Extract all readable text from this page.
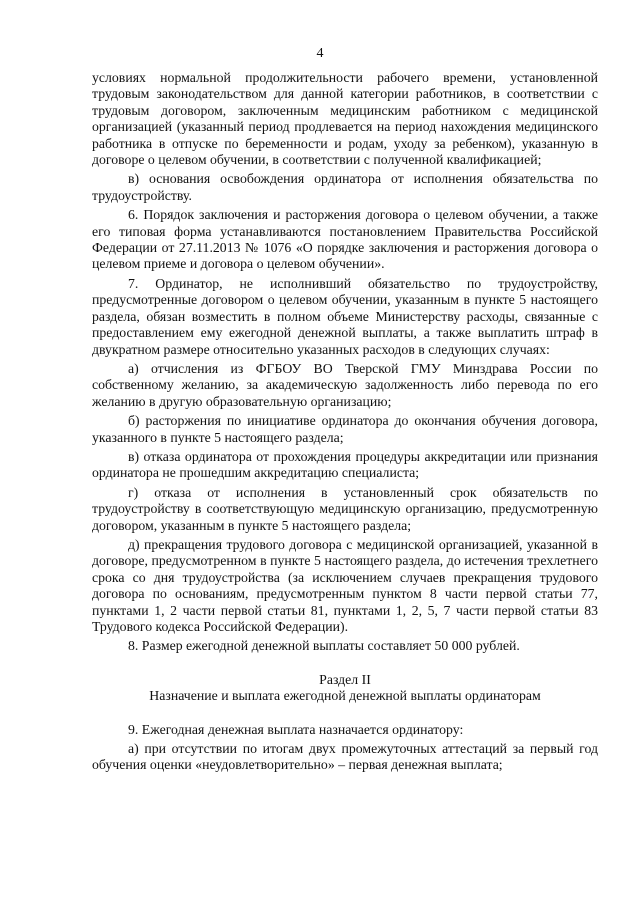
4

условиях нормальной продолжительности рабочего времени, установленной трудовым законодательством для данной категории работников, в соответствии с трудовым договором, заключенным медицинским работником с медицинской организацией (указанный период продлевается на период нахождения медицинского работника в отпуске по беременности и родам, уходу за ребенком), указанную в договоре о целевом обучении, в соответствии с полученной квалификацией;

в) основания освобождения ординатора от исполнения обязательства по трудоустройству.

6. Порядок заключения и расторжения договора о целевом обучении, а также его типовая форма устанавливаются постановлением Правительства Российской Федерации от 27.11.2013 № 1076 «О порядке заключения и расторжения договора о целевом приеме и договора о целевом обучении».

7. Ординатор, не исполнивший обязательство по трудоустройству, предусмотренные договором о целевом обучении, указанным в пункте 5 настоящего раздела, обязан возместить в полном объеме Министерству расходы, связанные с предоставлением ему ежегодной денежной выплаты, а также выплатить штраф в двукратном размере относительно указанных расходов в следующих случаях:

а) отчисления из ФГБОУ ВО Тверской ГМУ Минздрава России по собственному желанию, за академическую задолженность либо перевода по его желанию в другую образовательную организацию;

б) расторжения по инициативе ординатора до окончания обучения договора, указанного в пункте 5 настоящего раздела;

в) отказа ординатора от прохождения процедуры аккредитации или признания ординатора не прошедшим аккредитацию специалиста;

г) отказа от исполнения в установленный срок обязательств по трудоустройству в соответствующую медицинскую организацию, предусмотренную договором, указанным в пункте 5 настоящего раздела;

д) прекращения трудового договора с медицинской организацией, указанной в договоре, предусмотренном в пункте 5 настоящего раздела, до истечения трехлетнего срока со дня трудоустройства (за исключением случаев прекращения трудового договора по основаниям, предусмотренным пунктом 8 части первой статьи 77, пунктами 1, 2 части первой статьи 81, пунктами 1, 2, 5, 7 части первой статьи 83 Трудового кодекса Российской Федерации).

8. Размер ежегодной денежной выплаты составляет 50 000 рублей.

Раздел II

Назначение и выплата ежегодной денежной выплаты ординаторам

9. Ежегодная денежная выплата назначается ординатору:

а) при отсутствии по итогам двух промежуточных аттестаций за первый год обучения оценки «неудовлетворительно» – первая денежная выплата;
